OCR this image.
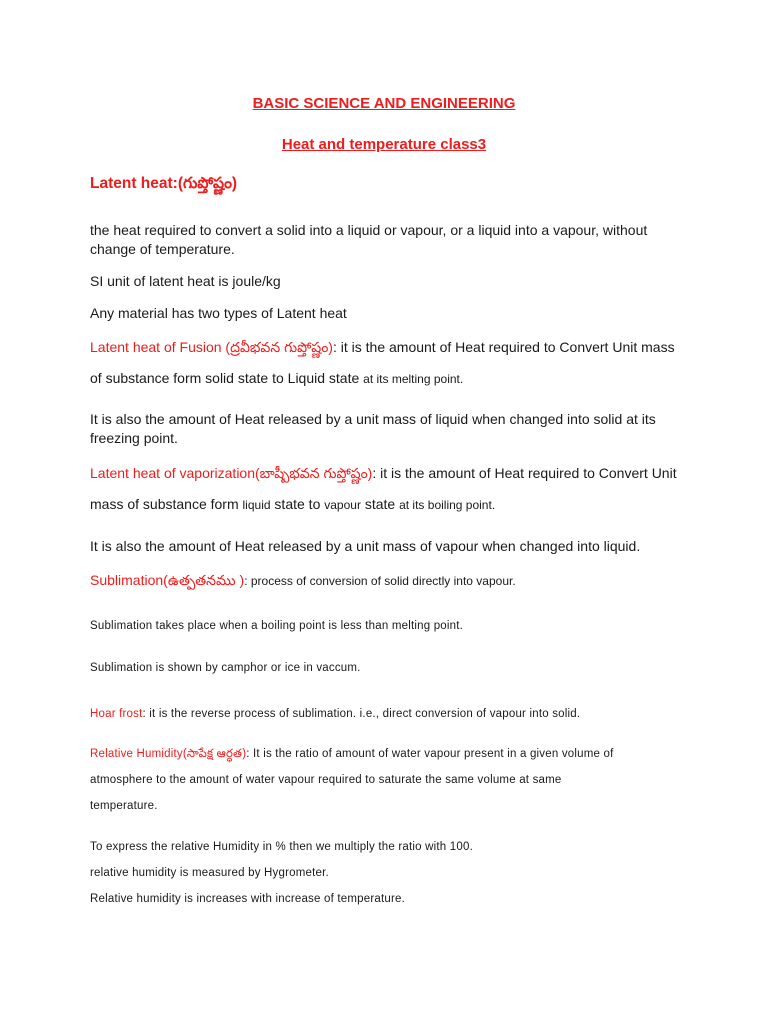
BASIC SCIENCE AND ENGINEERING
Heat and temperature class3
Latent heat:(గుప్తోష్ణం)
the heat required to convert a solid into a liquid or vapour, or a liquid into a vapour, without change of temperature.
SI unit of latent heat is joule/kg
Any material has two types of Latent heat
Latent heat of Fusion (ద్రవీభవన గుప్తోష్ణం): it is the amount of Heat required to Convert Unit mass
of substance form solid state to Liquid state at its melting point.
It is also the amount of Heat released by a unit mass of liquid when changed into solid at its freezing point.
Latent heat of vaporization(బాష్పీభవన గుప్తోష్ణం): it is the amount of Heat required to Convert Unit
mass of substance form liquid state to vapour state at its boiling point.
It is also the amount of Heat released by a unit mass of vapour when changed into liquid.
Sublimation(ఉత్పతనము ): process of conversion of solid directly into vapour.
Sublimation takes place when a boiling point is less than melting point.
Sublimation is shown by camphor or ice in vaccum.
Hoar frost: it is the reverse process of sublimation. i.e., direct conversion of vapour into solid.
Relative Humidity(సాపేక్ష ఆర్ధత): It is the ratio of amount of water vapour present in a given volume of
atmosphere to the amount of water vapour required to saturate the same volume at same
temperature.
To express the relative Humidity in % then we multiply the ratio with 100.
relative humidity is measured by Hygrometer.
Relative humidity is increases with increase of temperature.
